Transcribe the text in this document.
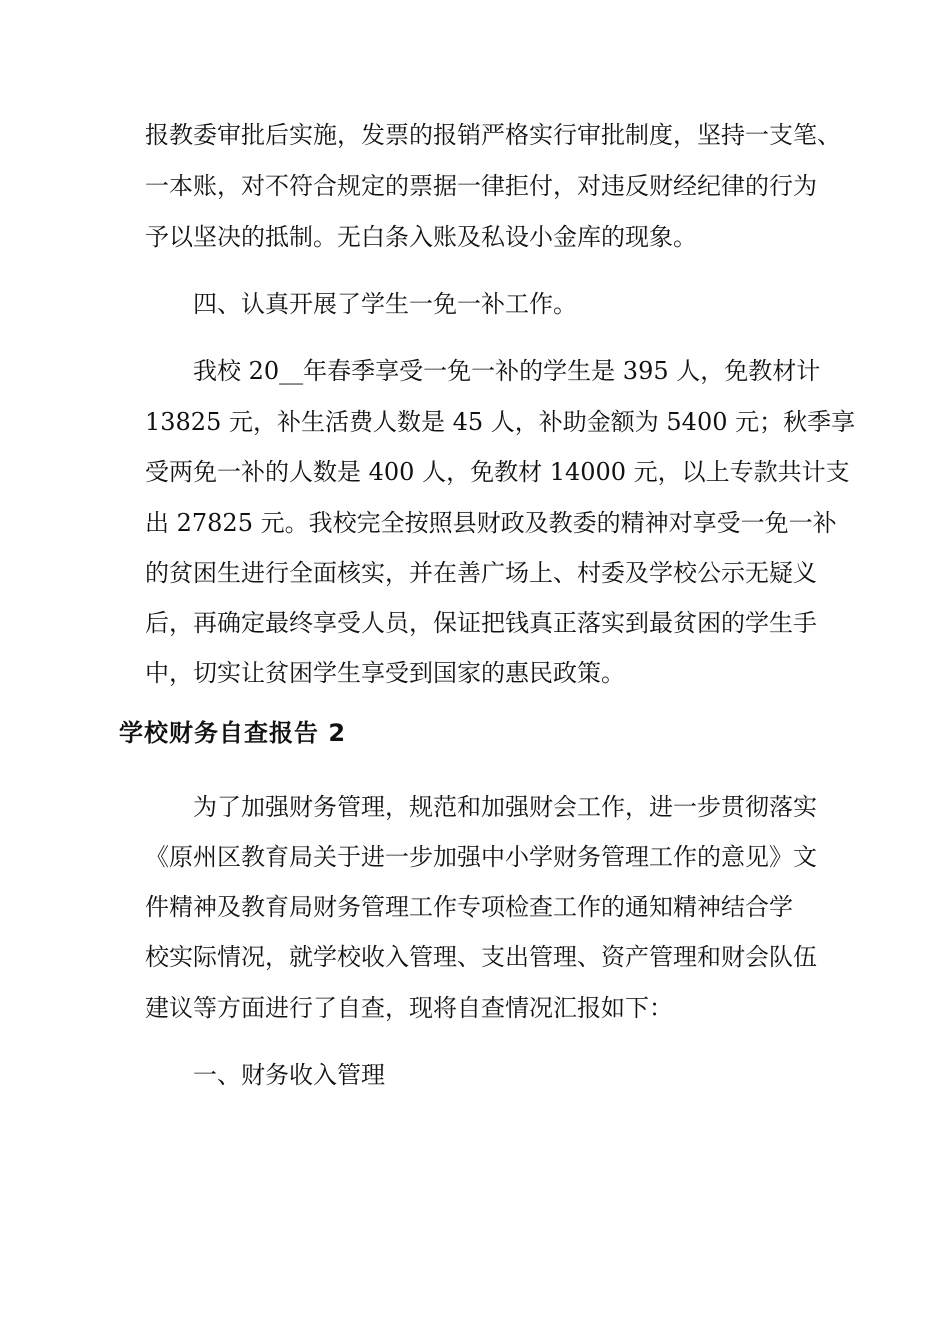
报教委审批后实施，发票的报销严格实行审批制度，坚持一支笔、

一本账，对不符合规定的票据一律拒付，对违反财经纪律的行为

予以坚决的抵制。无白条入账及私设小金库的现象。

四、认真开展了学生一免一补工作。

我校 20__年春季享受一免一补的学生是 395 人，免教材计

13825 元，补生活费人数是 45 人，补助金额为 5400 元；秋季享

受两免一补的人数是 400 人，免教材 14000 元，以上专款共计支

出 27825 元。我校完全按照县财政及教委的精神对享受一免一补

的贫困生进行全面核实，并在善广场上、村委及学校公示无疑义

后，再确定最终享受人员，保证把钱真正落实到最贫困的学生手

中，切实让贫困学生享受到国家的惠民政策。

学校财务自查报告 2

为了加强财务管理，规范和加强财会工作，进一步贯彻落实

《原州区教育局关于进一步加强中小学财务管理工作的意见》文

件精神及教育局财务管理工作专项检查工作的通知精神结合学

校实际情况，就学校收入管理、支出管理、资产管理和财会队伍

建议等方面进行了自查，现将自查情况汇报如下：

一、财务收入管理
